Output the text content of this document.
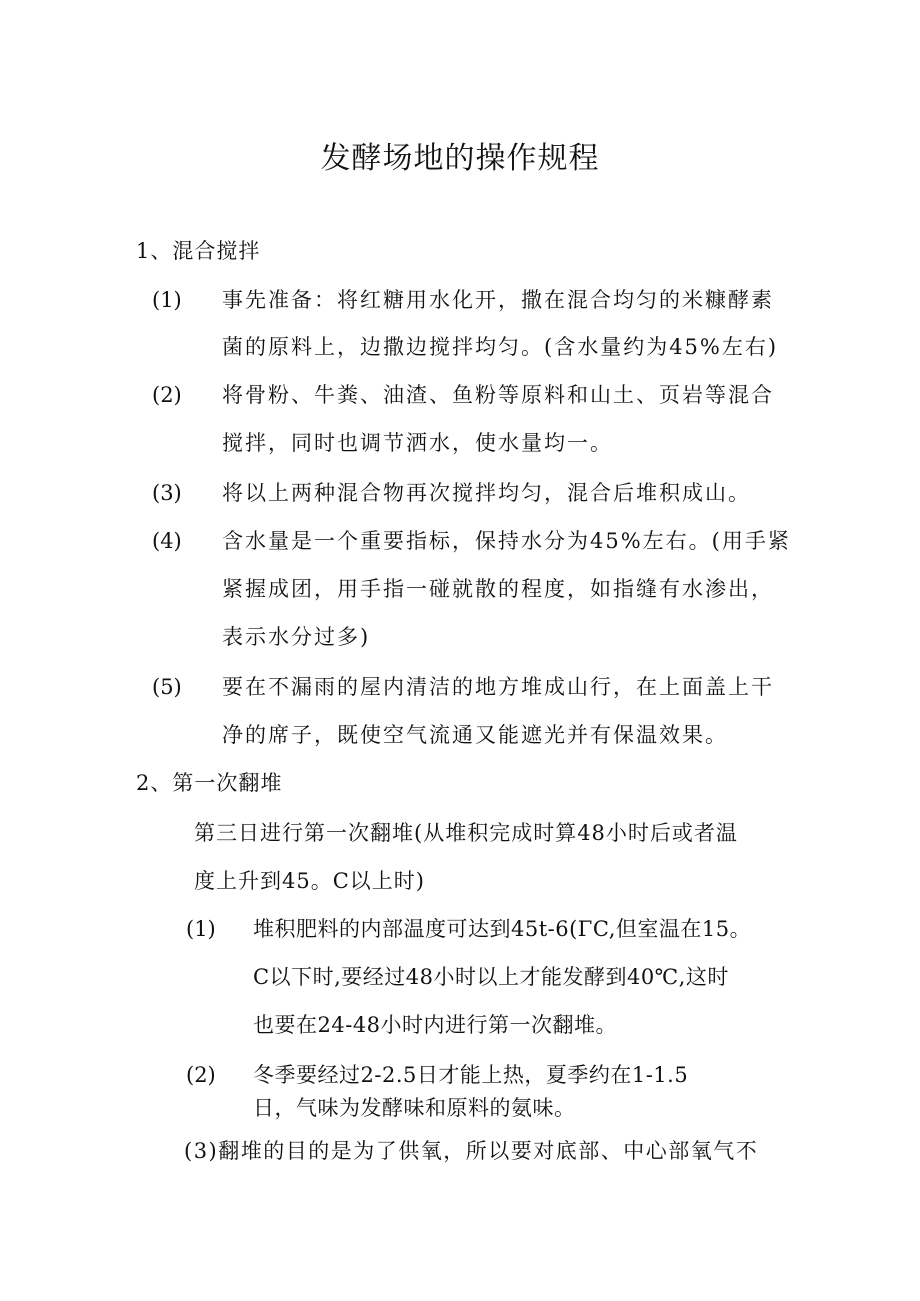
发酵场地的操作规程
1、混合搅拌
(1) 事先准备：将红糖用水化开，撒在混合均匀的米糠酵素
菌的原料上，边撒边搅拌均匀。(含水量约为45%左右)
(2) 将骨粉、牛粪、油渣、鱼粉等原料和山土、页岩等混合
搅拌，同时也调节洒水，使水量均一。
(3) 将以上两种混合物再次搅拌均匀，混合后堆积成山。
(4) 含水量是一个重要指标，保持水分为45%左右。(用手紧
紧握成团，用手指一碰就散的程度，如指缝有水渗出，
表示水分过多)
(5) 要在不漏雨的屋内清洁的地方堆成山行，在上面盖上干
净的席子，既使空气流通又能遮光并有保温效果。
2、第一次翻堆
第三日进行第一次翻堆(从堆积完成时算48小时后或者温
度上升到45。C以上时)
(1) 堆积肥料的内部温度可达到45t-6(ΓC,但室温在15。
C以下时,要经过48小时以上才能发酵到40℃,这时
也要在24-48小时内进行第一次翻堆。
(2) 冬季要经过2-2.5日才能上热，夏季约在1-1.5
日，气味为发酵味和原料的氨味。
(3)翻堆的目的是为了供氧，所以要对底部、中心部氧气不
